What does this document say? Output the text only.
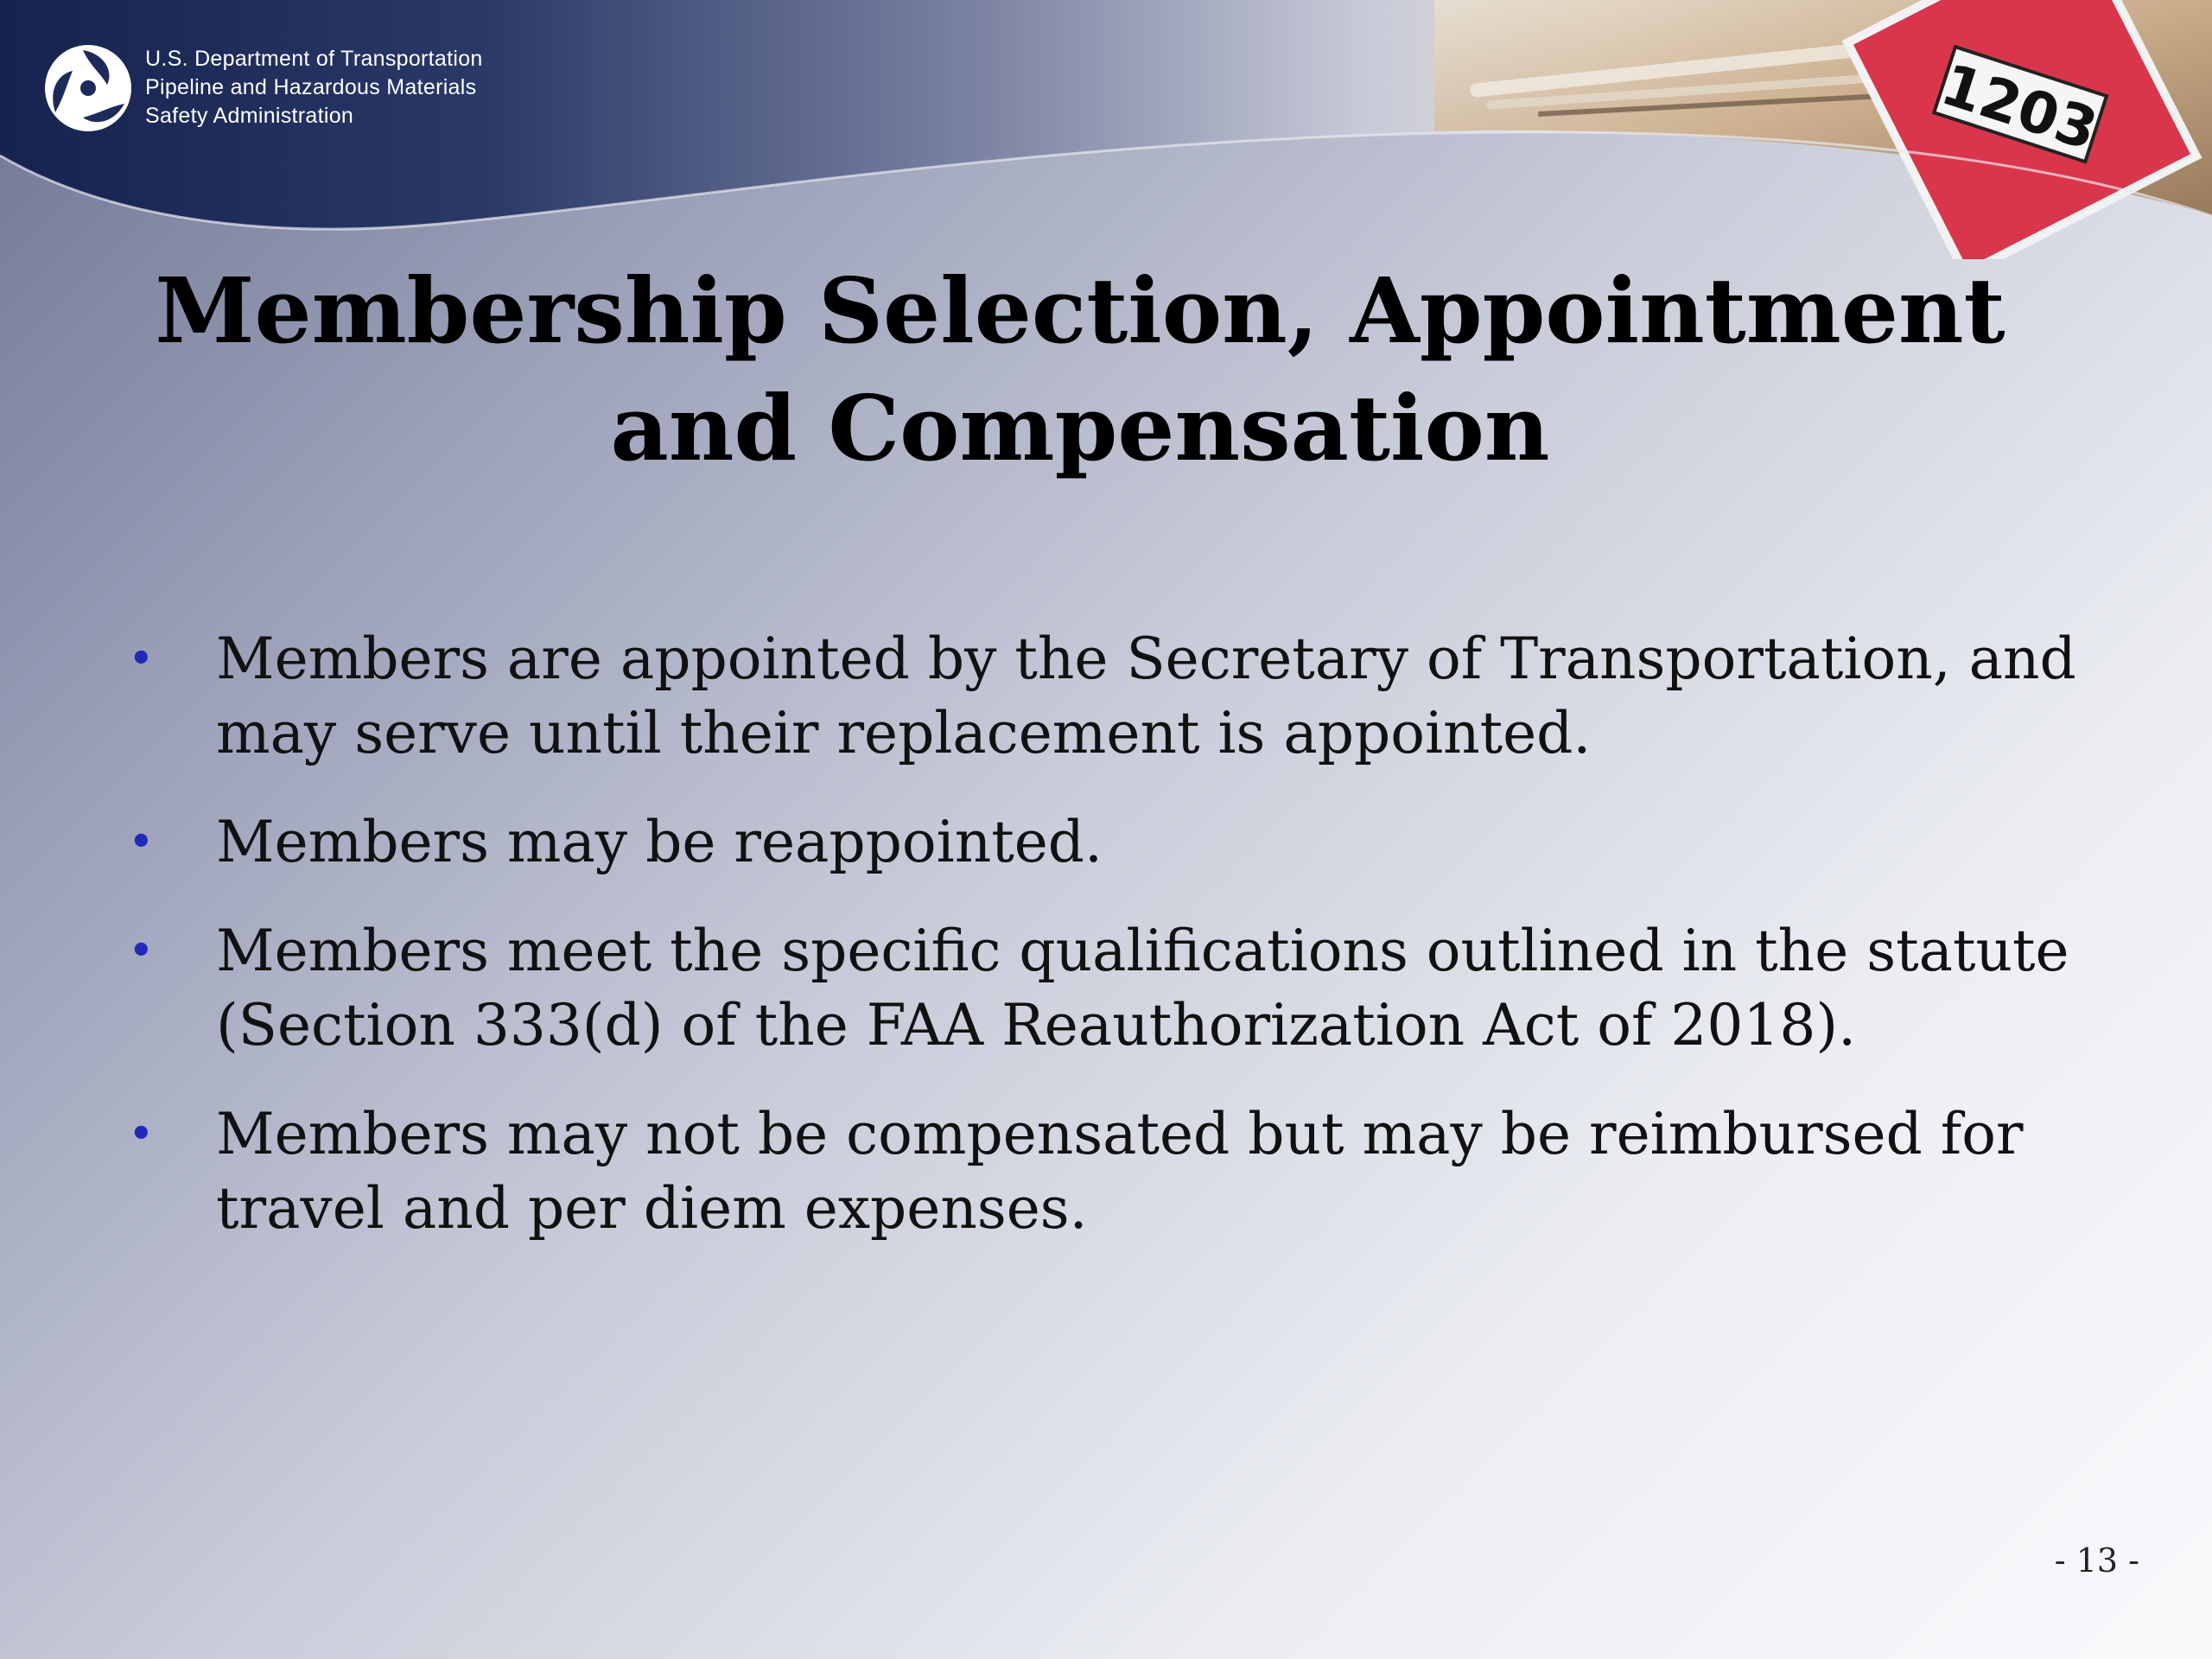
1203
U.S. Department of Transportation
Pipeline and Hazardous Materials
Safety Administration
Membership Selection, Appointment
and Compensation
• Members are appointed by the Secretary of Transportation, and may serve until their replacement is appointed.
• Members may be reappointed.
• Members meet the specific qualifications outlined in the statute (Section 333(d) of the FAA Reauthorization Act of 2018).
• Members may not be compensated but may be reimbursed for travel and per diem expenses.
- 13 -
